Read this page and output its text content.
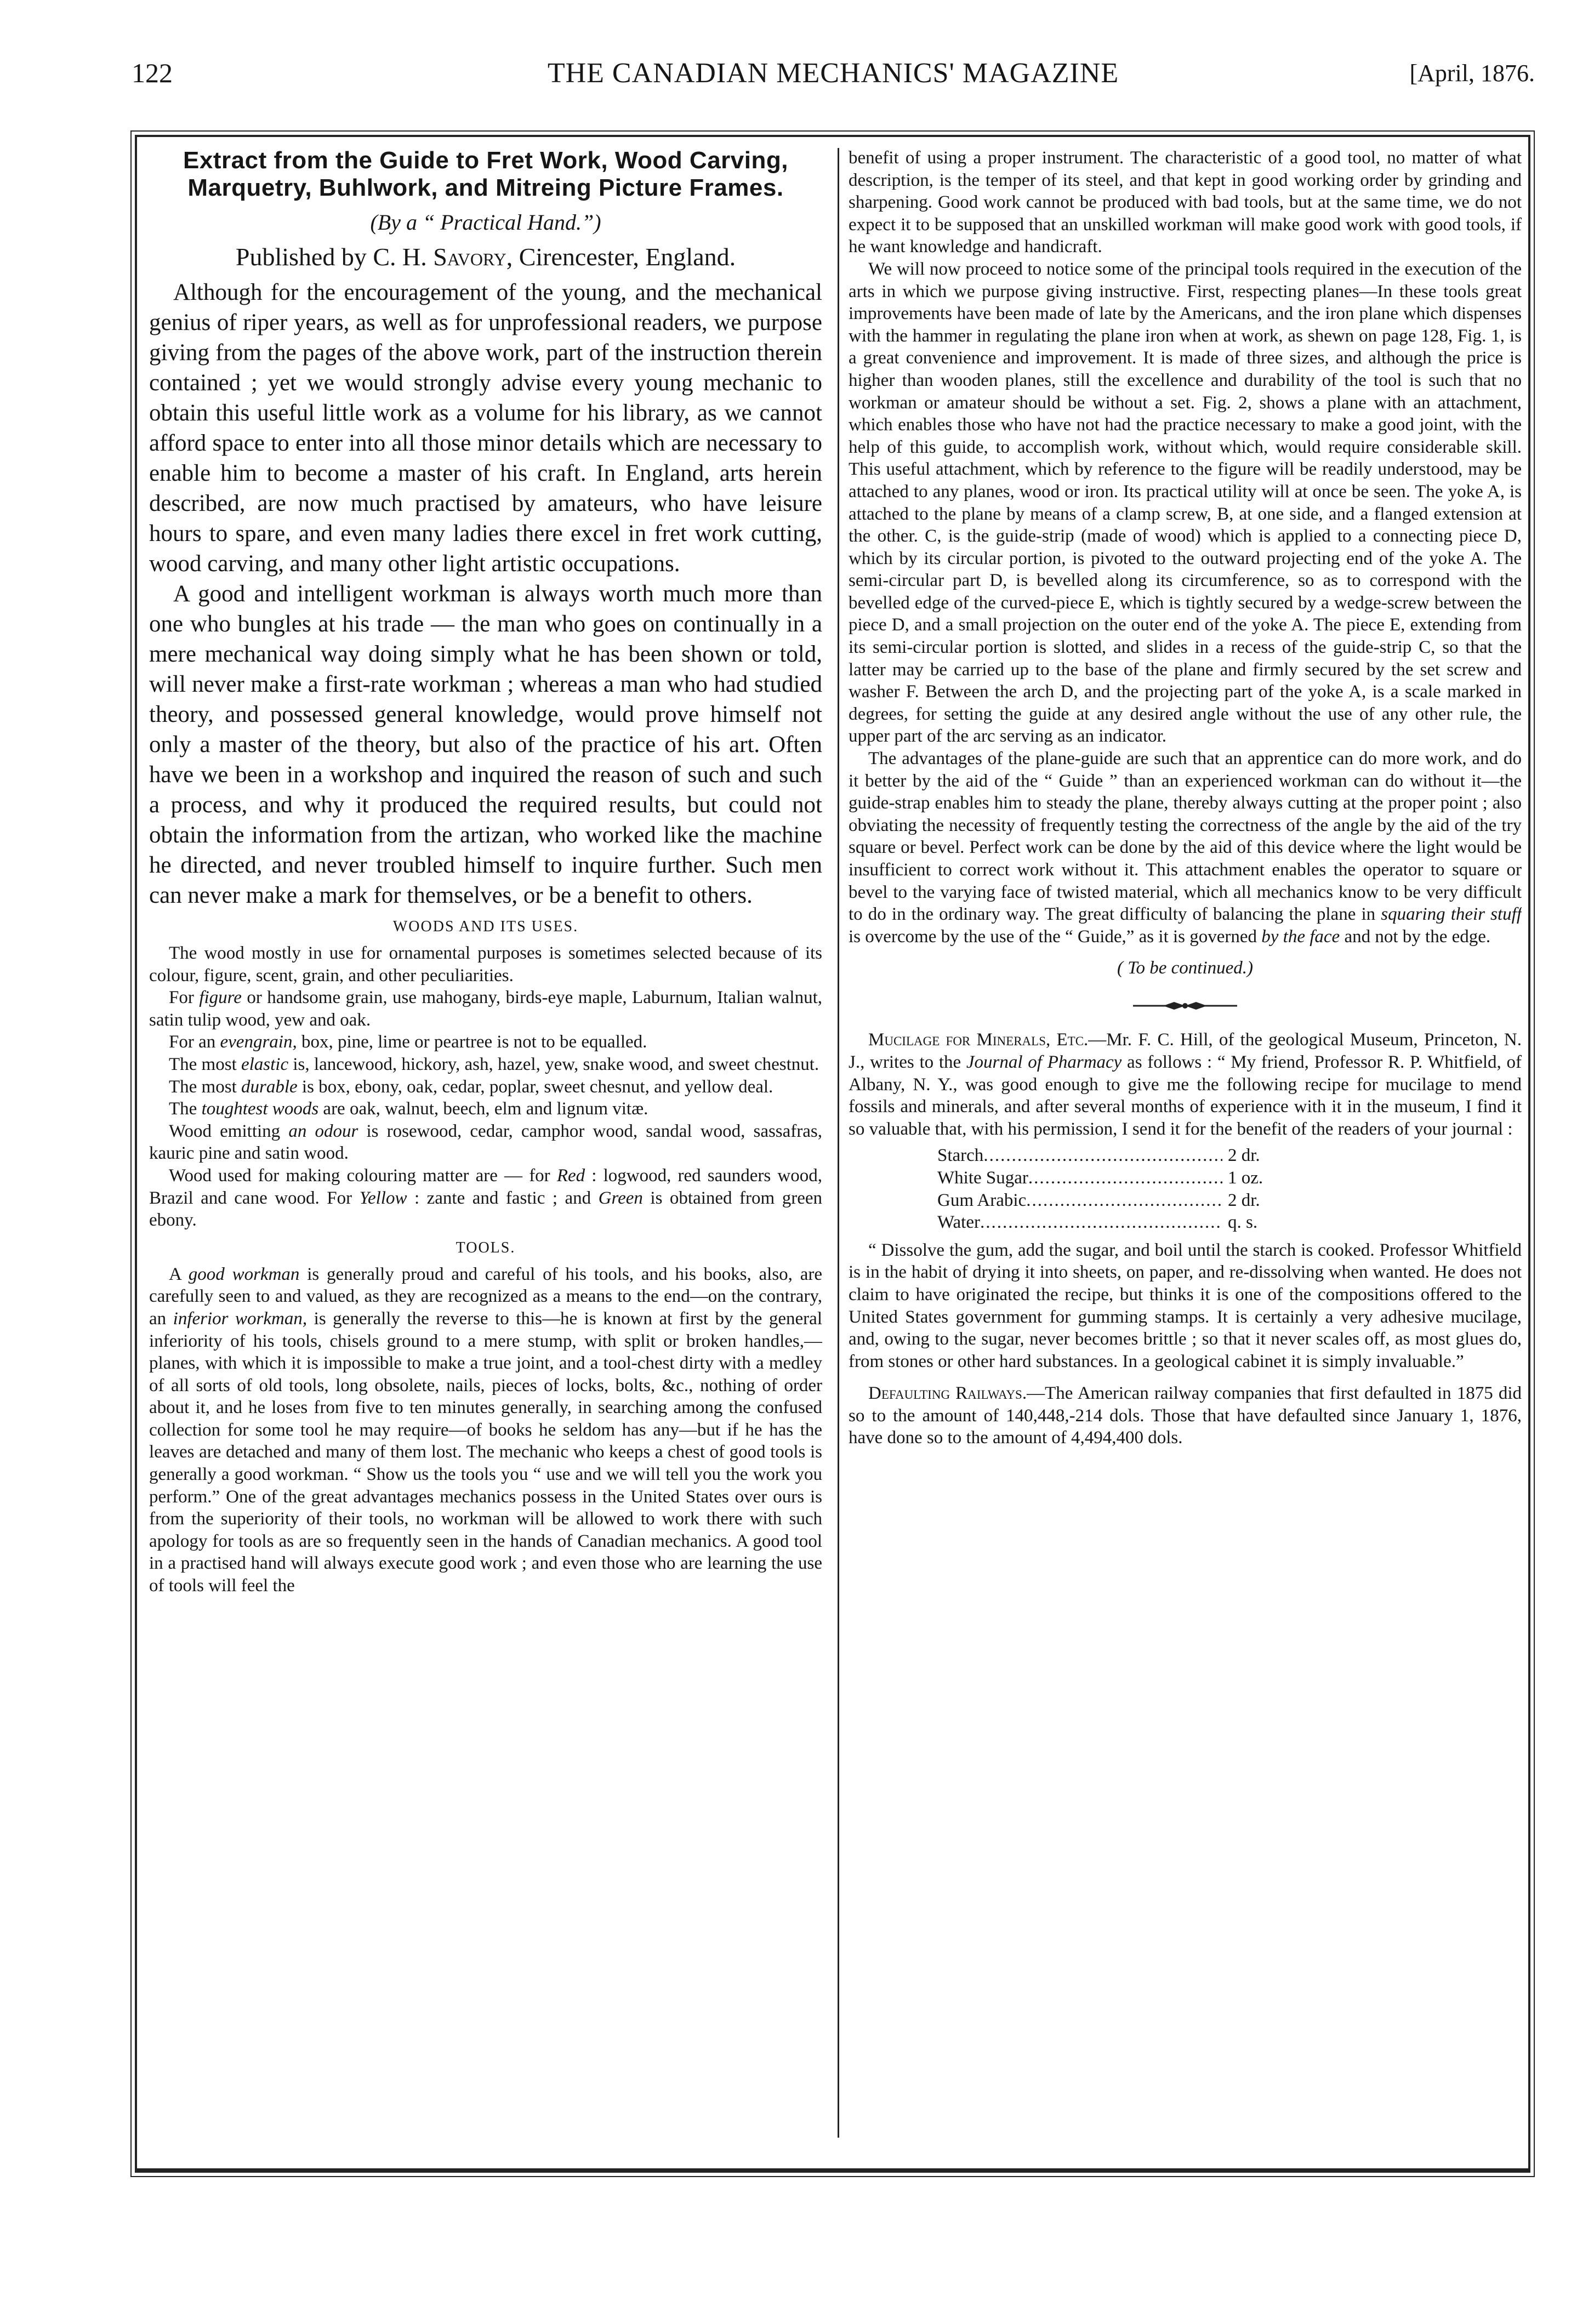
122	THE CANADIAN MECHANICS' MAGAZINE	[April, 1876.
Extract from the Guide to Fret Work, Wood Carving, Marquetry, Buhlwork, and Mitreing Picture Frames.
(By a “ Practical Hand.”)
Published by C. H. Savory, Cirencester, England.

Although for the encouragement of the young, and the mechanical genius of riper years, as well as for unprofessional readers, we purpose giving from the pages of the above work, part of the instruction therein contained ; yet we would strongly advise every young mechanic to obtain this useful little work as a volume for his library, as we cannot afford space to enter into all those minor details which are necessary to enable him to become a master of his craft. In England, arts herein described, are now much practised by amateurs, who have leisure hours to spare, and even many ladies there excel in fret work cutting, wood carving, and many other light artistic occupations.

A good and intelligent workman is always worth much more than one who bungles at his trade — the man who goes on continually in a mere mechanical way doing simply what he has been shown or told, will never make a first-rate workman ; whereas a man who had studied theory, and possessed general knowledge, would prove himself not only a master of the theory, but also of the practice of his art. Often have we been in a workshop and inquired the reason of such and such a process, and why it produced the required results, but could not obtain the information from the artizan, who worked like the machine he directed, and never troubled himself to inquire further. Such men can never make a mark for themselves, or be a benefit to others.

WOODS AND ITS USES.

The wood mostly in use for ornamental purposes is sometimes selected because of its colour, figure, scent, grain, and other peculiarities.

For figure or handsome grain, use mahogany, birds-eye maple, Laburnum, Italian walnut, satin tulip wood, yew and oak.

For an evengrain, box, pine, lime or peartree is not to be equalled.

The most elastic is, lancewood, hickory, ash, hazel, yew, snake wood, and sweet chestnut.

The most durable is box, ebony, oak, cedar, poplar, sweet chesnut, and yellow deal.

The toughtest woods are oak, walnut, beech, elm and lignum vitæ.

Wood emitting an odour is rosewood, cedar, camphor wood, sandal wood, sassafras, kauric pine and satin wood.

Wood used for making colouring matter are — for Red : logwood, red saunders wood, Brazil and cane wood. For Yellow : zante and fastic ; and Green is obtained from green ebony.

TOOLS.

A good workman is generally proud and careful of his tools, and his books, also, are carefully seen to and valued, as they are recognized as a means to the end—on the contrary, an inferior workman, is generally the reverse to this—he is known at first by the general inferiority of his tools, chisels ground to a mere stump, with split or broken handles,—planes, with which it is impossible to make a true joint, and a tool-chest dirty with a medley of all sorts of old tools, long obsolete, nails, pieces of locks, bolts, &c., nothing of order about it, and he loses from five to ten minutes generally, in searching among the confused collection for some tool he may require—of books he seldom has any—but if he has the leaves are detached and many of them lost. The mechanic who keeps a chest of good tools is generally a good workman. “ Show us the tools you “ use and we will tell you the work you perform.” One of the great advantages mechanics possess in the United States over ours is from the superiority of their tools, no workman will be allowed to work there with such apology for tools as are so frequently seen in the hands of Canadian mechanics. A good tool in a practised hand will always execute good work ; and even those who are learning the use of tools will feel the

benefit of using a proper instrument. The characteristic of a good tool, no matter of what description, is the temper of its steel, and that kept in good working order by grinding and sharpening. Good work cannot be produced with bad tools, but at the same time, we do not expect it to be supposed that an unskilled workman will make good work with good tools, if he want knowledge and handicraft.

We will now proceed to notice some of the principal tools required in the execution of the arts in which we purpose giving instructive. First, respecting planes—In these tools great improvements have been made of late by the Americans, and the iron plane which dispenses with the hammer in regulating the plane iron when at work, as shewn on page 128, Fig. 1, is a great convenience and improvement. It is made of three sizes, and although the price is higher than wooden planes, still the excellence and durability of the tool is such that no workman or amateur should be without a set. Fig. 2, shows a plane with an attachment, which enables those who have not had the practice necessary to make a good joint, with the help of this guide, to accomplish work, without which, would require considerable skill. This useful attachment, which by reference to the figure will be readily understood, may be attached to any planes, wood or iron. Its practical utility will at once be seen. The yoke A, is attached to the plane by means of a clamp screw, B, at one side, and a flanged extension at the other. C, is the guide-strip (made of wood) which is applied to a connecting piece D, which by its circular portion, is pivoted to the outward projecting end of the yoke A. The semi-circular part D, is bevelled along its circumference, so as to correspond with the bevelled edge of the curved-piece E, which is tightly secured by a wedge-screw between the piece D, and a small projection on the outer end of the yoke A. The piece E, extending from its semi-circular portion is slotted, and slides in a recess of the guide-strip C, so that the latter may be carried up to the base of the plane and firmly secured by the set screw and washer F. Between the arch D, and the projecting part of the yoke A, is a scale marked in degrees, for setting the guide at any desired angle without the use of any other rule, the upper part of the arc serving as an indicator.

The advantages of the plane-guide are such that an apprentice can do more work, and do it better by the aid of the “ Guide ” than an experienced workman can do without it—the guide-strap enables him to steady the plane, thereby always cutting at the proper point ; also obviating the necessity of frequently testing the correctness of the angle by the aid of the try square or bevel. Perfect work can be done by the aid of this device where the light would be insufficient to correct work without it. This attachment enables the operator to square or bevel to the varying face of twisted material, which all mechanics know to be very difficult to do in the ordinary way. The great difficulty of balancing the plane in squaring their stuff is overcome by the use of the “ Guide,” as it is governed by the face and not by the edge.

( To be continued.)

Mucilage for Minerals, Etc.—Mr. F. C. Hill, of the geological Museum, Princeton, N. J., writes to the Journal of Pharmacy as follows : “ My friend, Professor R. P. Whitfield, of Albany, N. Y., was good enough to give me the following recipe for mucilage to mend fossils and minerals, and after several months of experience with it in the museum, I find it so valuable that, with his permission, I send it for the benefit of the readers of your journal :

Starch .....	2 dr.
White Sugar .....	1 oz.
Gum Arabic .....	2 dr.
Water .....	q. s.

“ Dissolve the gum, add the sugar, and boil until the starch is cooked. Professor Whitfield is in the habit of drying it into sheets, on paper, and re-dissolving when wanted. He does not claim to have originated the recipe, but thinks it is one of the compositions offered to the United States government for gumming stamps. It is certainly a very adhesive mucilage, and, owing to the sugar, never becomes brittle ; so that it never scales off, as most glues do, from stones or other hard substances. In a geological cabinet it is simply invaluable.”

Defaulting Railways.—The American railway companies that first defaulted in 1875 did so to the amount of 140,448,-214 dols. Those that have defaulted since January 1, 1876, have done so to the amount of 4,494,400 dols.
